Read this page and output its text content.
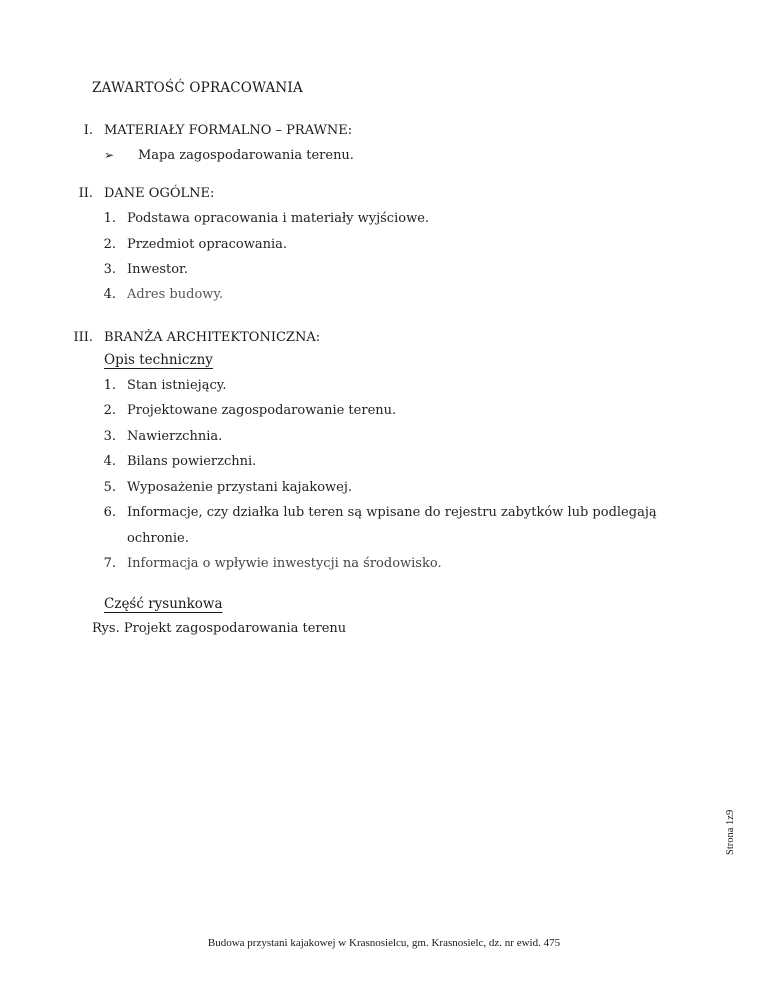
ZAWARTOŚĆ OPRACOWANIA
I. MATERIAŁY FORMALNO – PRAWNE:
➢ Mapa zagospodarowania terenu.
II. DANE OGÓLNE:
1. Podstawa opracowania i materiały wyjściowe.
2. Przedmiot opracowania.
3. Inwestor.
4. Adres budowy.
III. BRANŻA ARCHITEKTONICZNA:
Opis techniczny
1. Stan istniejący.
2. Projektowane zagospodarowanie terenu.
3. Nawierzchnia.
4. Bilans powierzchni.
5. Wyposażenie przystani kajakowej.
6. Informacje, czy działka lub teren są wpisane do rejestru zabytków lub podlegają
ochronie.
7. Informacja o wpływie inwestycji na środowisko.
Część rysunkowa
Rys. Projekt zagospodarowania terenu
Strona 1z9
Budowa przystani kajakowej w Krasnosielcu, gm. Krasnosielc, dz. nr ewid. 475
